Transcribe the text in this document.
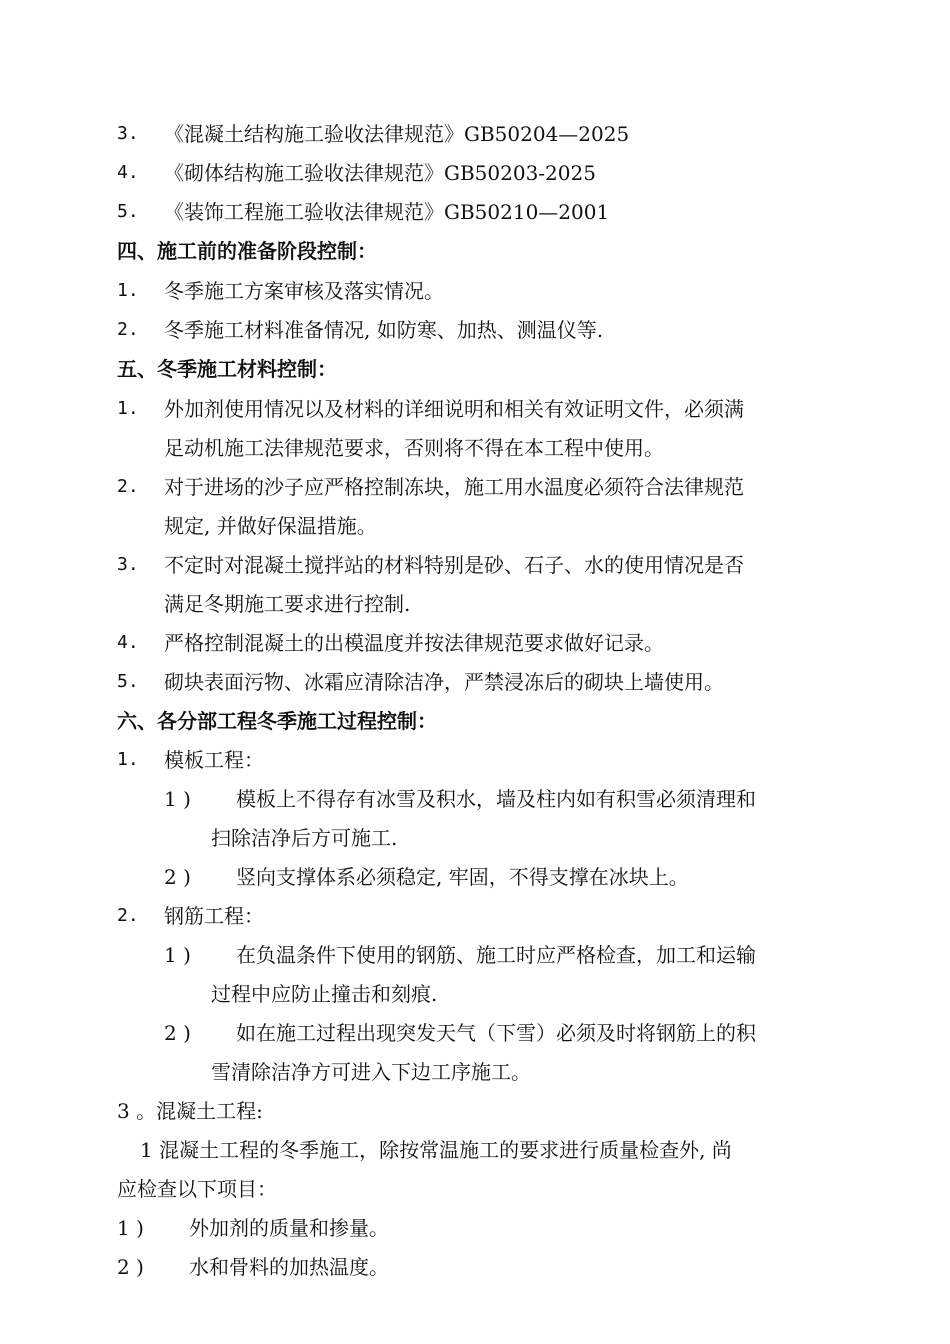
3. 《混凝土结构施工验收法律规范》GB50204—2025
4. 《砌体结构施工验收法律规范》GB50203-2025
5. 《装饰工程施工验收法律规范》GB50210—2001
四、施工前的准备阶段控制：
1. 冬季施工方案审核及落实情况。
2. 冬季施工材料准备情况, 如防寒、加热、测温仪等.
五、冬季施工材料控制：
1. 外加剂使用情况以及材料的详细说明和相关有效证明文件，必须满
足动机施工法律规范要求，否则将不得在本工程中使用。
2. 对于进场的沙子应严格控制冻块，施工用水温度必须符合法律规范
规定, 并做好保温措施。
3. 不定时对混凝土搅拌站的材料特别是砂、石子、水的使用情况是否
满足冬期施工要求进行控制.
4. 严格控制混凝土的出模温度并按法律规范要求做好记录。
5. 砌块表面污物、冰霜应清除洁净，严禁浸冻后的砌块上墙使用。
六、各分部工程冬季施工过程控制：
1. 模板工程：
1 ) 模板上不得存有冰雪及积水，墙及柱内如有积雪必须清理和
扫除洁净后方可施工.
2 ) 竖向支撑体系必须稳定, 牢固，不得支撑在冰块上。
2. 钢筋工程：
1 ) 在负温条件下使用的钢筋、施工时应严格检查，加工和运输
过程中应防止撞击和刻痕.
2 ) 如在施工过程出现突发天气（下雪）必须及时将钢筋上的积
雪清除洁净方可进入下边工序施工。
3 。混凝土工程:
1 混凝土工程的冬季施工，除按常温施工的要求进行质量检查外, 尚
应检查以下项目：
1 ) 外加剂的质量和掺量。
2 ) 水和骨料的加热温度。
